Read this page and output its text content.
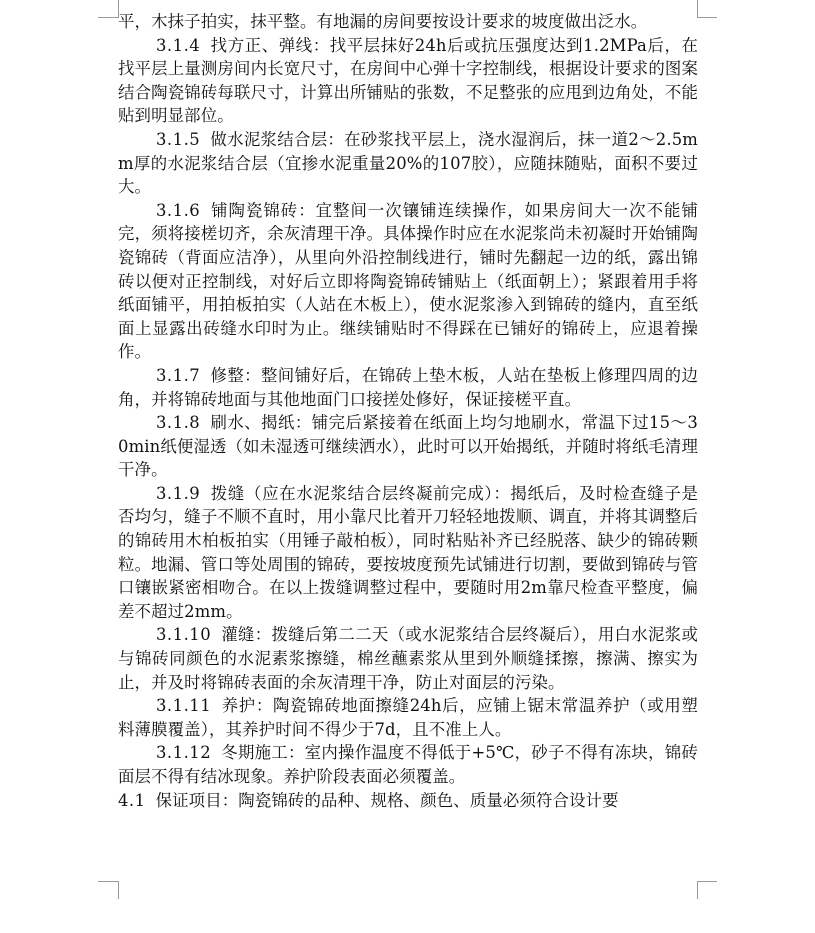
平，木抹子拍实，抹平整。有地漏的房间要按设计要求的坡度做出泛水。

3.1.4 找方正、弹线：找平层抹好24h后或抗压强度达到1.2MPa后，在找平层上量测房间内长宽尺寸，在房间中心弹十字控制线，根据设计要求的图案结合陶瓷锦砖每联尺寸，计算出所铺贴的张数，不足整张的应甩到边角处，不能贴到明显部位。

3.1.5 做水泥浆结合层：在砂浆找平层上，浇水湿润后，抹一道2～2.5mm厚的水泥浆结合层（宜掺水泥重量20%的107胶），应随抹随贴，面积不要过大。

3.1.6 铺陶瓷锦砖：宜整间一次镶铺连续操作，如果房间大一次不能铺完，须将接槎切齐，余灰清理干净。具体操作时应在水泥浆尚未初凝时开始铺陶瓷锦砖（背面应洁净），从里向外沿控制线进行，铺时先翻起一边的纸，露出锦砖以便对正控制线，对好后立即将陶瓷锦砖铺贴上（纸面朝上）；紧跟着用手将纸面铺平，用拍板拍实（人站在木板上），使水泥浆渗入到锦砖的缝内，直至纸面上显露出砖缝水印时为止。继续铺贴时不得踩在已铺好的锦砖上，应退着操作。

3.1.7 修整：整间铺好后，在锦砖上垫木板，人站在垫板上修理四周的边角，并将锦砖地面与其他地面门口接搓处修好，保证接槎平直。

3.1.8 刷水、揭纸：铺完后紧接着在纸面上均匀地刷水，常温下过15～30min纸便湿透（如未湿透可继续洒水），此时可以开始揭纸，并随时将纸毛清理干净。

3.1.9 拨缝（应在水泥浆结合层终凝前完成）：揭纸后，及时检查缝子是否均匀，缝子不顺不直时，用小靠尺比着开刀轻轻地拨顺、调直，并将其调整后的锦砖用木柏板拍实（用锤子敲柏板），同时粘贴补齐已经脱落、缺少的锦砖颗粒。地漏、管口等处周围的锦砖，要按坡度预先试铺进行切割，要做到锦砖与管口镶嵌紧密相吻合。在以上拨缝调整过程中，要随时用2m靠尺检查平整度，偏差不超过2mm。

3.1.10 灌缝：拨缝后第二二天（或水泥浆结合层终凝后），用白水泥浆或与锦砖同颜色的水泥素浆擦缝，棉丝蘸素浆从里到外顺缝揉擦，擦满、擦实为止，并及时将锦砖表面的余灰清理干净，防止对面层的污染。

3.1.11 养护：陶瓷锦砖地面擦缝24h后，应铺上锯末常温养护（或用塑料薄膜覆盖），其养护时间不得少于7d，且不准上人。

3.1.12 冬期施工：室内操作温度不得低于+5℃，砂子不得有冻块，锦砖面层不得有结冰现象。养护阶段表面必须覆盖。

4.1 保证项目：陶瓷锦砖的品种、规格、颜色、质量必须符合设计要
